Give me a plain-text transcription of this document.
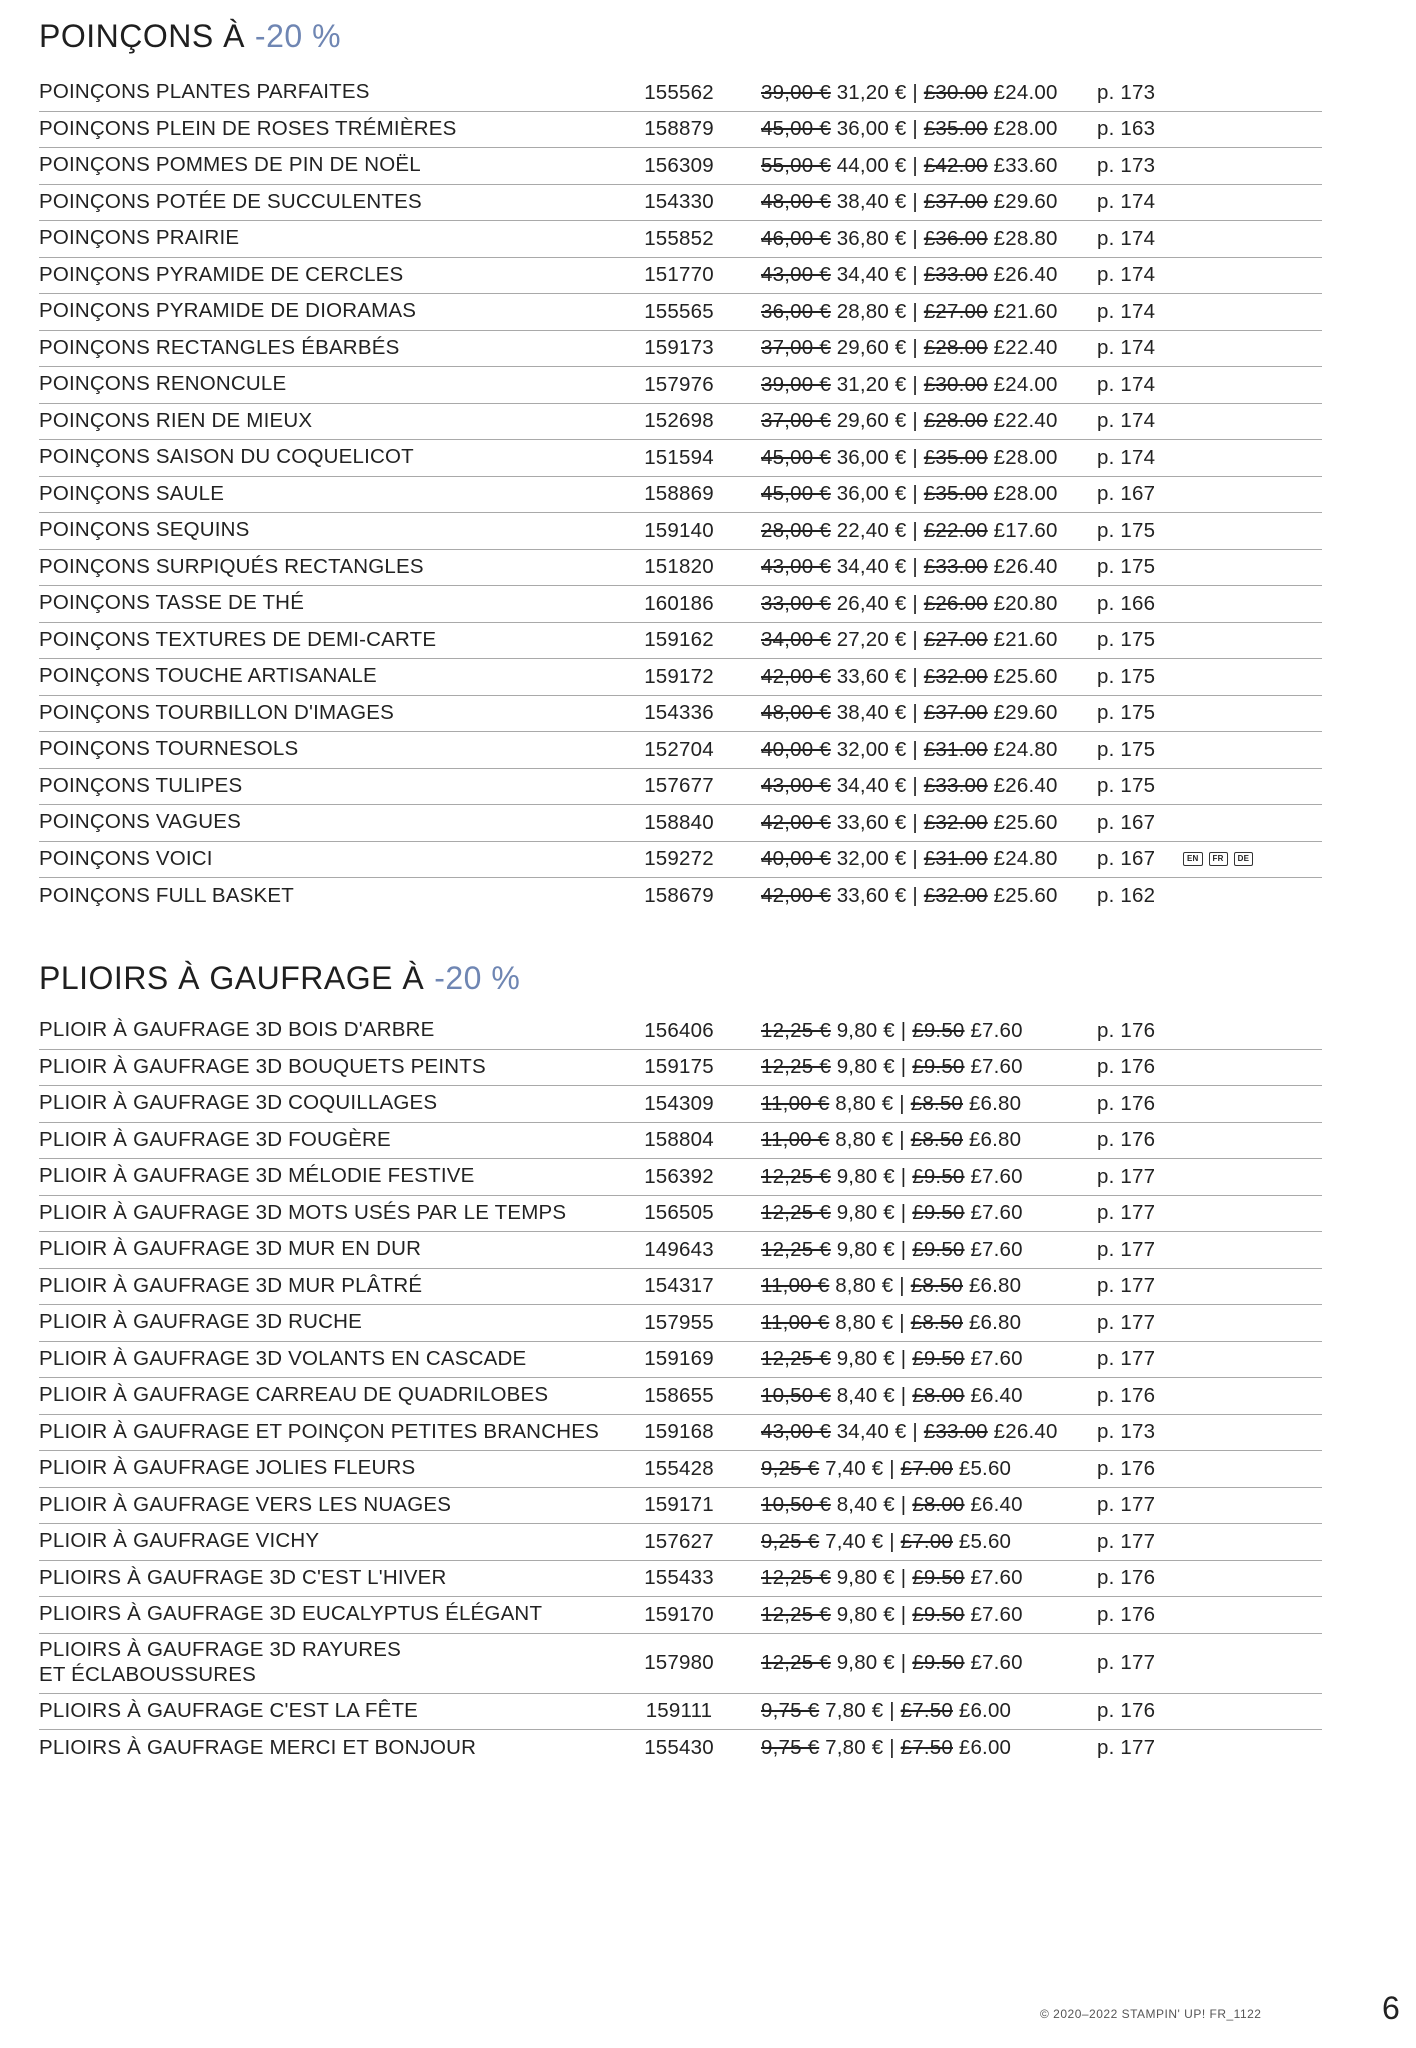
POINÇONS À -20 %
POINÇONS PLANTES PARFAITES	155562	39,00 € 31,20 € | £30.00 £24.00	p. 173
POINÇONS PLEIN DE ROSES TRÉMIÈRES	158879	45,00 € 36,00 € | £35.00 £28.00	p. 163
POINÇONS POMMES DE PIN DE NOËL	156309	55,00 € 44,00 € | £42.00 £33.60	p. 173
POINÇONS POTÉE DE SUCCULENTES	154330	48,00 € 38,40 € | £37.00 £29.60	p. 174
POINÇONS PRAIRIE	155852	46,00 € 36,80 € | £36.00 £28.80	p. 174
POINÇONS PYRAMIDE DE CERCLES	151770	43,00 € 34,40 € | £33.00 £26.40	p. 174
POINÇONS PYRAMIDE DE DIORAMAS	155565	36,00 € 28,80 € | £27.00 £21.60	p. 174
POINÇONS RECTANGLES ÉBARBÉS	159173	37,00 € 29,60 € | £28.00 £22.40	p. 174
POINÇONS RENONCULE	157976	39,00 € 31,20 € | £30.00 £24.00	p. 174
POINÇONS RIEN DE MIEUX	152698	37,00 € 29,60 € | £28.00 £22.40	p. 174
POINÇONS SAISON DU COQUELICOT	151594	45,00 € 36,00 € | £35.00 £28.00	p. 174
POINÇONS SAULE	158869	45,00 € 36,00 € | £35.00 £28.00	p. 167
POINÇONS SEQUINS	159140	28,00 € 22,40 € | £22.00 £17.60	p. 175
POINÇONS SURPIQUÉS RECTANGLES	151820	43,00 € 34,40 € | £33.00 £26.40	p. 175
POINÇONS TASSE DE THÉ	160186	33,00 € 26,40 € | £26.00 £20.80	p. 166
POINÇONS TEXTURES DE DEMI-CARTE	159162	34,00 € 27,20 € | £27.00 £21.60	p. 175
POINÇONS TOUCHE ARTISANALE	159172	42,00 € 33,60 € | £32.00 £25.60	p. 175
POINÇONS TOURBILLON D'IMAGES	154336	48,00 € 38,40 € | £37.00 £29.60	p. 175
POINÇONS TOURNESOLS	152704	40,00 € 32,00 € | £31.00 £24.80	p. 175
POINÇONS TULIPES	157677	43,00 € 34,40 € | £33.00 £26.40	p. 175
POINÇONS VAGUES	158840	42,00 € 33,60 € | £32.00 £25.60	p. 167
POINÇONS VOICI	159272	40,00 € 32,00 € | £31.00 £24.80	p. 167	EN	FR	DE
POINÇONS FULL BASKET	158679	42,00 € 33,60 € | £32.00 £25.60	p. 162
PLIOIRS À GAUFRAGE À -20 %
PLIOIR À GAUFRAGE 3D BOIS D'ARBRE	156406	12,25 € 9,80 € | £9.50 £7.60	p. 176
PLIOIR À GAUFRAGE 3D BOUQUETS PEINTS	159175	12,25 € 9,80 € | £9.50 £7.60	p. 176
PLIOIR À GAUFRAGE 3D COQUILLAGES	154309	11,00 € 8,80 € | £8.50 £6.80	p. 176
PLIOIR À GAUFRAGE 3D FOUGÈRE	158804	11,00 € 8,80 € | £8.50 £6.80	p. 176
PLIOIR À GAUFRAGE 3D MÉLODIE FESTIVE	156392	12,25 € 9,80 € | £9.50 £7.60	p. 177
PLIOIR À GAUFRAGE 3D MOTS USÉS PAR LE TEMPS	156505	12,25 € 9,80 € | £9.50 £7.60	p. 177
PLIOIR À GAUFRAGE 3D MUR EN DUR	149643	12,25 € 9,80 € | £9.50 £7.60	p. 177
PLIOIR À GAUFRAGE 3D MUR PLÂTRÉ	154317	11,00 € 8,80 € | £8.50 £6.80	p. 177
PLIOIR À GAUFRAGE 3D RUCHE	157955	11,00 € 8,80 € | £8.50 £6.80	p. 177
PLIOIR À GAUFRAGE 3D VOLANTS EN CASCADE	159169	12,25 € 9,80 € | £9.50 £7.60	p. 177
PLIOIR À GAUFRAGE CARREAU DE QUADRILOBES	158655	10,50 € 8,40 € | £8.00 £6.40	p. 176
PLIOIR À GAUFRAGE ET POINÇON PETITES BRANCHES	159168	43,00 € 34,40 € | £33.00 £26.40	p. 173
PLIOIR À GAUFRAGE JOLIES FLEURS	155428	9,25 € 7,40 € | £7.00 £5.60	p. 176
PLIOIR À GAUFRAGE VERS LES NUAGES	159171	10,50 € 8,40 € | £8.00 £6.40	p. 177
PLIOIR À GAUFRAGE VICHY	157627	9,25 € 7,40 € | £7.00 £5.60	p. 177
PLIOIRS À GAUFRAGE 3D C'EST L'HIVER	155433	12,25 € 9,80 € | £9.50 £7.60	p. 176
PLIOIRS À GAUFRAGE 3D EUCALYPTUS ÉLÉGANT	159170	12,25 € 9,80 € | £9.50 £7.60	p. 176
PLIOIRS À GAUFRAGE 3D RAYURES
ET ÉCLABOUSSURES
157980	12,25 € 9,80 € | £9.50 £7.60	p. 177
PLIOIRS À GAUFRAGE C'EST LA FÊTE	159111	9,75 € 7,80 € | £7.50 £6.00	p. 176
PLIOIRS À GAUFRAGE MERCI ET BONJOUR	155430	9,75 € 7,80 € | £7.50 £6.00	p. 177
© 2020–2022 STAMPIN' UP! FR_1122	6
